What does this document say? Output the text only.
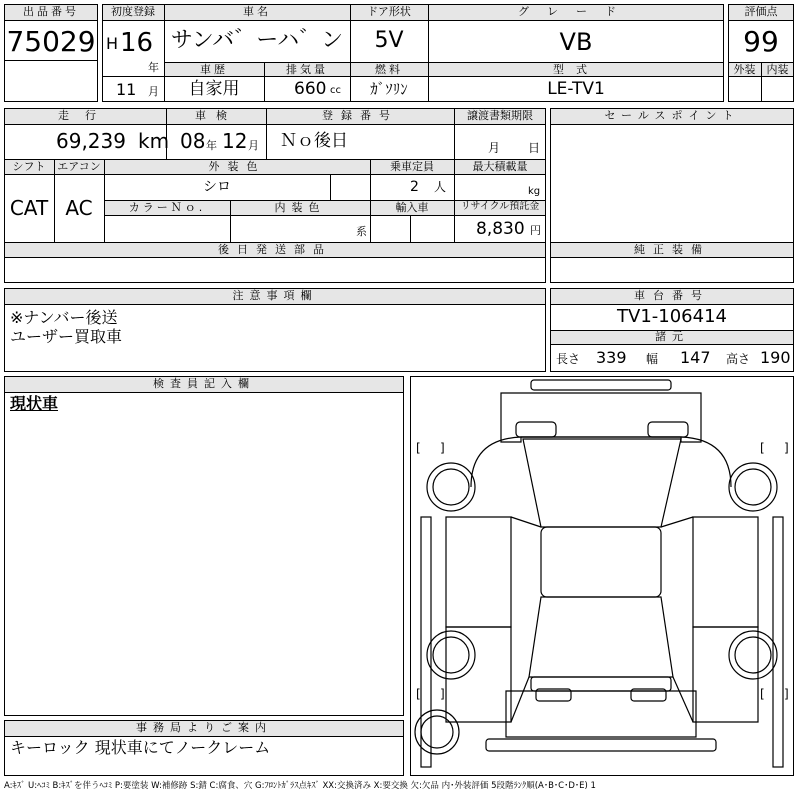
出品番号
75029
初度登録
H 16
年
11 月
車名
サンバ゛ーハ゛ン
ドア形状
5V
グレード
VB
車歴
自家用
排気量
660 cc
燃料
ｶﾞｿﾘﾝ
型式
LE-TV1
評価点
99
外装	内装
走行
69,239 km
車検
08 年 12 月
登録番号
Ｎｏ後日
譲渡書類期限
月 日
シフト
CAT
エアコン
AC
外装色
シロ
乗車定員
2 人
最大積載量
kg
カラーＮｏ.	内装色
系
輸入車	リサイクル預託金
8,830 円
後日発送部品
セールスポイント
純正装備
車台番号
TV1-106414
諸元
長さ 339 幅 147 高さ 190
注意事項欄
※ナンバー後送
ユーザー買取車
検査員記入欄
現状車
事務局よりご案内
キーロック 現状車にてノークレーム
[ ]	[ ]
[ ]	[ ]
A:ｷｽﾞ U:ﾍｺﾐ B:ｷｽﾞを伴うﾍｺﾐ P:要塗装 W:補修跡 S:錆 C:腐食、穴 G:ﾌﾛﾝﾄｶﾞﾗｽ点ｷｽﾞ XX:交換済み X:要交換 欠:欠品 内･外装評価 5段階ﾗﾝｸ順(A･B･C･D･E) 1
